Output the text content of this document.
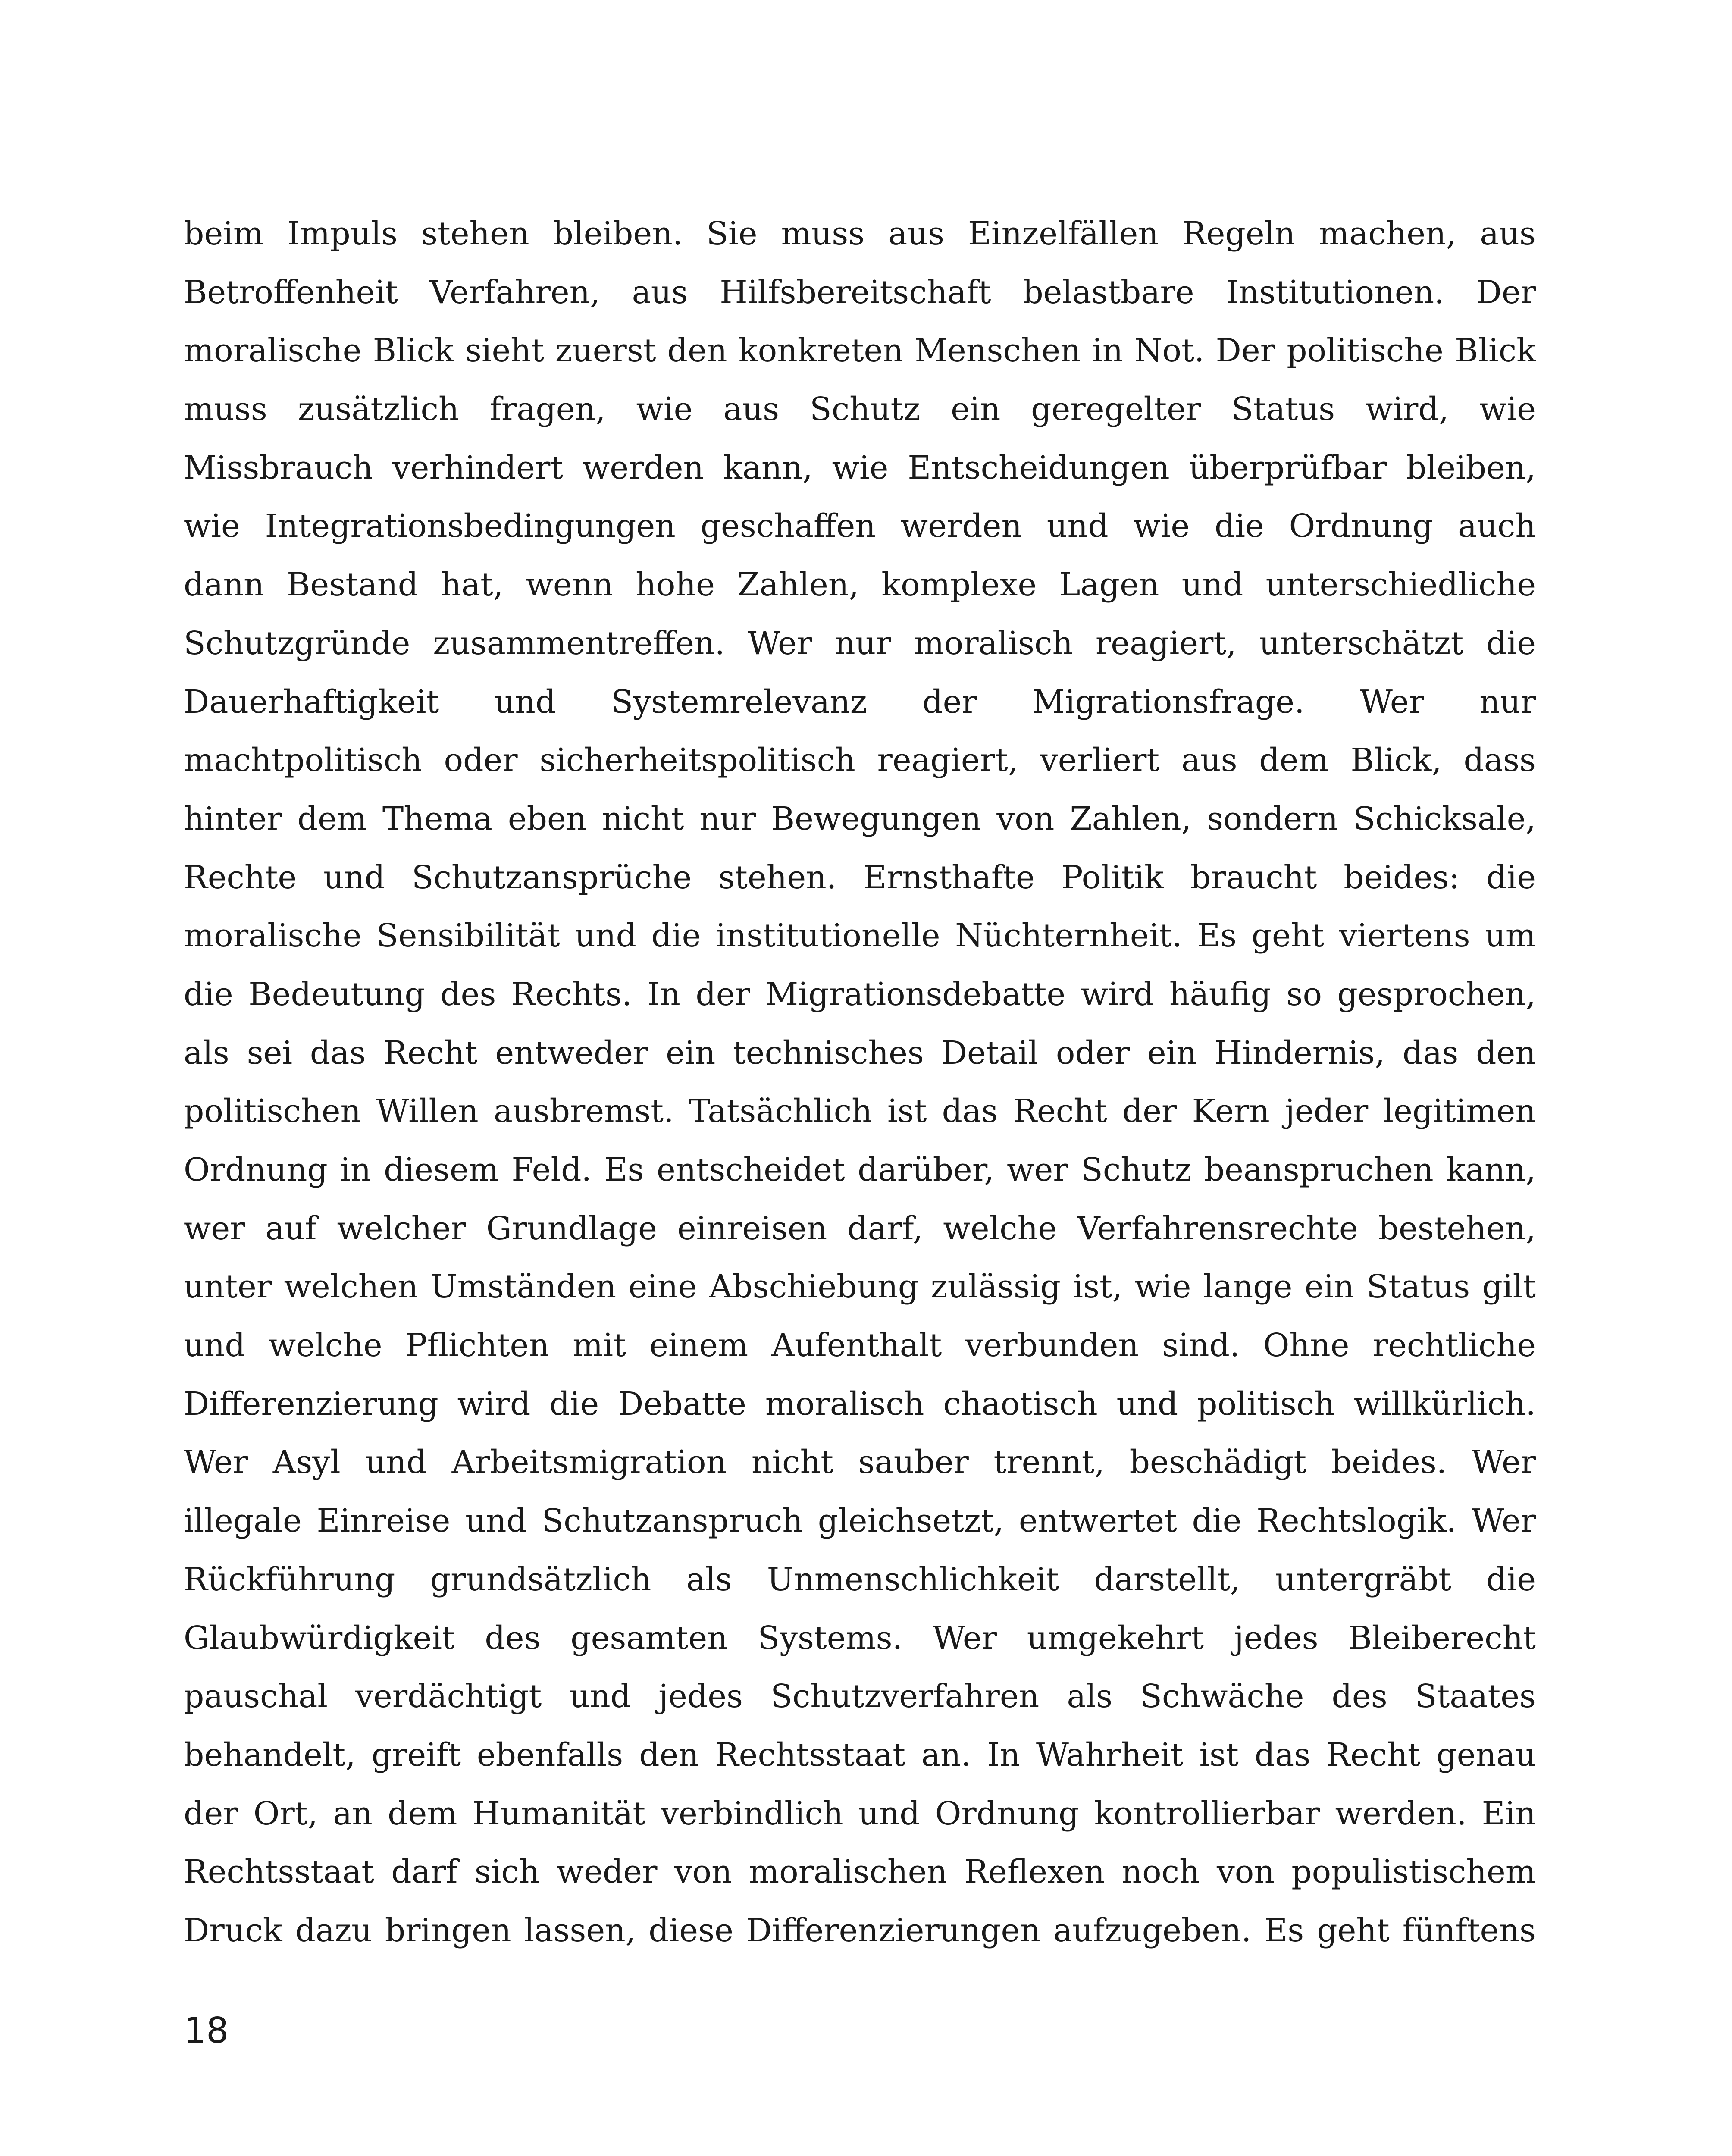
beim Impuls stehen bleiben. Sie muss aus Einzelfällen Regeln machen, aus
Betroffenheit Verfahren, aus Hilfsbereitschaft belastbare Institutionen. Der
moralische Blick sieht zuerst den konkreten Menschen in Not. Der politische Blick
muss zusätzlich fragen, wie aus Schutz ein geregelter Status wird, wie
Missbrauch verhindert werden kann, wie Entscheidungen überprüfbar bleiben,
wie Integrationsbedingungen geschaffen werden und wie die Ordnung auch
dann Bestand hat, wenn hohe Zahlen, komplexe Lagen und unterschiedliche
Schutzgründe zusammentreffen. Wer nur moralisch reagiert, unterschätzt die
Dauerhaftigkeit und Systemrelevanz der Migrationsfrage. Wer nur
machtpolitisch oder sicherheitspolitisch reagiert, verliert aus dem Blick, dass
hinter dem Thema eben nicht nur Bewegungen von Zahlen, sondern Schicksale,
Rechte und Schutzansprüche stehen. Ernsthafte Politik braucht beides: die
moralische Sensibilität und die institutionelle Nüchternheit. Es geht viertens um
die Bedeutung des Rechts. In der Migrationsdebatte wird häufig so gesprochen,
als sei das Recht entweder ein technisches Detail oder ein Hindernis, das den
politischen Willen ausbremst. Tatsächlich ist das Recht der Kern jeder legitimen
Ordnung in diesem Feld. Es entscheidet darüber, wer Schutz beanspruchen kann,
wer auf welcher Grundlage einreisen darf, welche Verfahrensrechte bestehen,
unter welchen Umständen eine Abschiebung zulässig ist, wie lange ein Status gilt
und welche Pflichten mit einem Aufenthalt verbunden sind. Ohne rechtliche
Differenzierung wird die Debatte moralisch chaotisch und politisch willkürlich.
Wer Asyl und Arbeitsmigration nicht sauber trennt, beschädigt beides. Wer
illegale Einreise und Schutzanspruch gleichsetzt, entwertet die Rechtslogik. Wer
Rückführung grundsätzlich als Unmenschlichkeit darstellt, untergräbt die
Glaubwürdigkeit des gesamten Systems. Wer umgekehrt jedes Bleiberecht
pauschal verdächtigt und jedes Schutzverfahren als Schwäche des Staates
behandelt, greift ebenfalls den Rechtsstaat an. In Wahrheit ist das Recht genau
der Ort, an dem Humanität verbindlich und Ordnung kontrollierbar werden. Ein
Rechtsstaat darf sich weder von moralischen Reflexen noch von populistischem
Druck dazu bringen lassen, diese Differenzierungen aufzugeben. Es geht fünftens
18
